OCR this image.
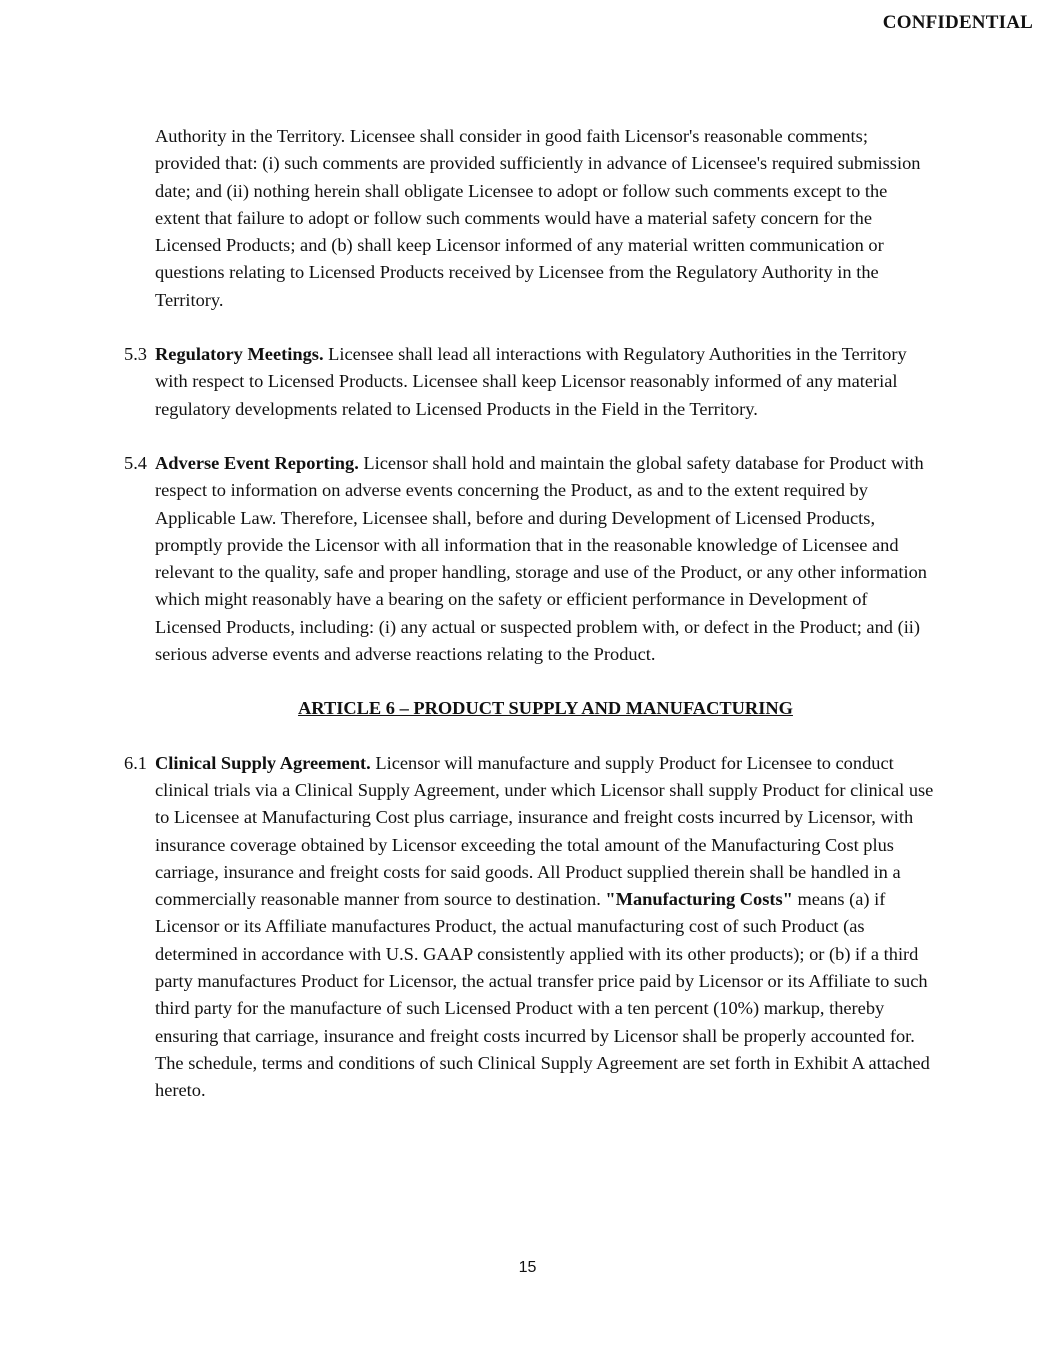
CONFIDENTIAL

Authority in the Territory. Licensee shall consider in good faith Licensor's reasonable comments; provided that: (i) such comments are provided sufficiently in advance of Licensee's required submission date; and (ii) nothing herein shall obligate Licensee to adopt or follow such comments except to the extent that failure to adopt or follow such comments would have a material safety concern for the Licensed Products; and (b) shall keep Licensor informed of any material written communication or questions relating to Licensed Products received by Licensee from the Regulatory Authority in the Territory.

5.3 Regulatory Meetings. Licensee shall lead all interactions with Regulatory Authorities in the Territory with respect to Licensed Products. Licensee shall keep Licensor reasonably informed of any material regulatory developments related to Licensed Products in the Field in the Territory.
5.4 Adverse Event Reporting. Licensor shall hold and maintain the global safety database for Product with respect to information on adverse events concerning the Product, as and to the extent required by Applicable Law. Therefore, Licensee shall, before and during Development of Licensed Products, promptly provide the Licensor with all information that in the reasonable knowledge of Licensee and relevant to the quality, safe and proper handling, storage and use of the Product, or any other information which might reasonably have a bearing on the safety or efficient performance in Development of Licensed Products, including: (i) any actual or suspected problem with, or defect in the Product; and (ii) serious adverse events and adverse reactions relating to the Product.
ARTICLE 6 – PRODUCT SUPPLY AND MANUFACTURING
6.1 Clinical Supply Agreement. Licensor will manufacture and supply Product for Licensee to conduct clinical trials via a Clinical Supply Agreement, under which Licensor shall supply Product for clinical use to Licensee at Manufacturing Cost plus carriage, insurance and freight costs incurred by Licensor, with insurance coverage obtained by Licensor exceeding the total amount of the Manufacturing Cost plus carriage, insurance and freight costs for said goods. All Product supplied therein shall be handled in a commercially reasonable manner from source to destination. "Manufacturing Costs" means (a) if Licensor or its Affiliate manufactures Product, the actual manufacturing cost of such Product (as determined in accordance with U.S. GAAP consistently applied with its other products); or (b) if a third party manufactures Product for Licensor, the actual transfer price paid by Licensor or its Affiliate to such third party for the manufacture of such Licensed Product with a ten percent (10%) markup, thereby ensuring that carriage, insurance and freight costs incurred by Licensor shall be properly accounted for. The schedule, terms and conditions of such Clinical Supply Agreement are set forth in Exhibit A attached hereto.
15
